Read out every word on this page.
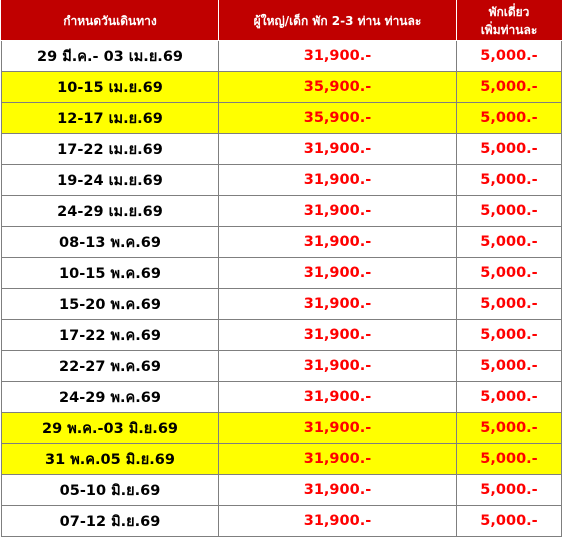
กำหนดวันเดินทาง	ผู้ใหญ่/เด็ก พัก 2-3 ท่าน ท่านละ	พักเดี่ยว
เพิ่มท่านละ
29 มี.ค.- 03 เม.ย.69	31,900.-	5,000.-
10-15 เม.ย.69	35,900.-	5,000.-
12-17 เม.ย.69	35,900.-	5,000.-
17-22 เม.ย.69	31,900.-	5,000.-
19-24 เม.ย.69	31,900.-	5,000.-
24-29 เม.ย.69	31,900.-	5,000.-
08-13 พ.ค.69	31,900.-	5,000.-
10-15 พ.ค.69	31,900.-	5,000.-
15-20 พ.ค.69	31,900.-	5,000.-
17-22 พ.ค.69	31,900.-	5,000.-
22-27 พ.ค.69	31,900.-	5,000.-
24-29 พ.ค.69	31,900.-	5,000.-
29 พ.ค.-03 มิ.ย.69	31,900.-	5,000.-
31 พ.ค.05 มิ.ย.69	31,900.-	5,000.-
05-10 มิ.ย.69	31,900.-	5,000.-
07-12 มิ.ย.69	31,900.-	5,000.-
